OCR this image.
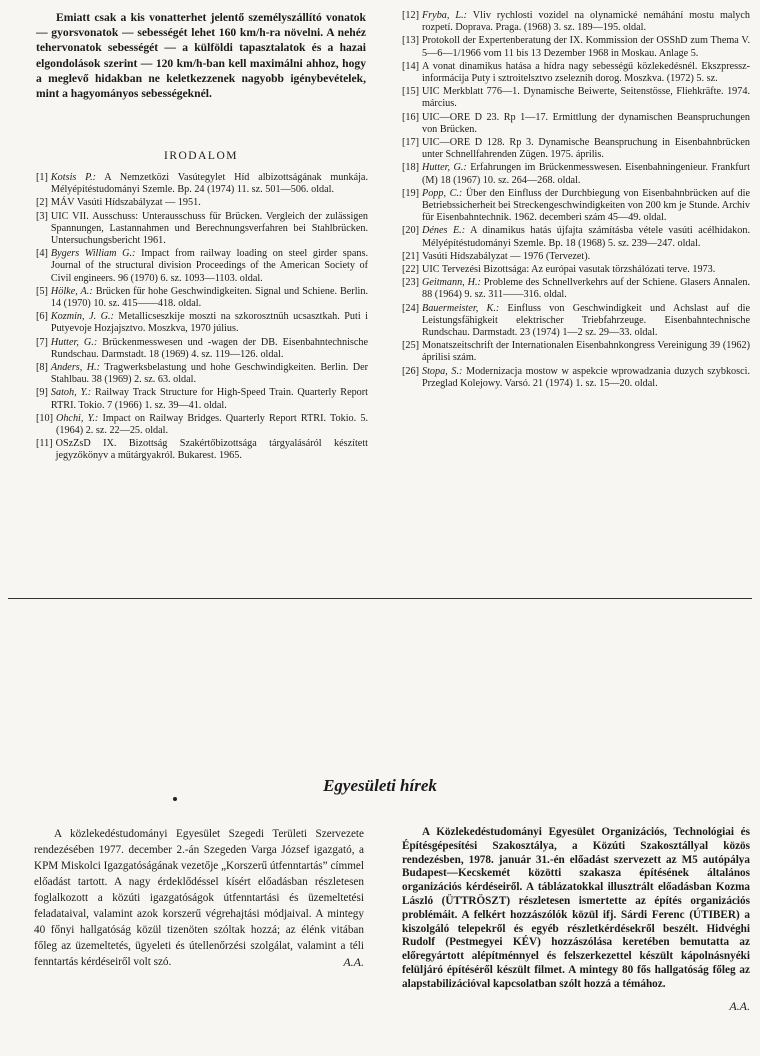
Emiatt csak a kis vonatterhet jelentő személyszállító vonatok — gyorsvonatok — sebességét lehet 160 km/h-ra növelni. A nehéz tehervonatok sebességét — a külföldi tapasztalatok és a hazai elgondolások szerint — 120 km/h-ban kell maximálni ahhoz, hogy a meglevő hidakban ne keletkezzenek nagyobb igénybevételek, mint a hagyományos sebességeknél.

IRODALOM
[1] Kotsis P.: A Nemzetközi Vasútegylet Híd albizottságának munkája. Mélyépítéstudományi Szemle. Bp. 24 (1974) 11. sz. 501—506. oldal.
[2] MÁV Vasúti Hídszabályzat — 1951.
[3] UIC VII. Ausschuss: Unterausschuss für Brücken. Vergleich der zulässigen Spannungen, Lastannahmen und Berechnungsverfahren bei Stahlbrücken. Untersuchungsbericht 1961.
[4] Bygers William G.: Impact from railway loading on steel girder spans. Journal of the structural division Proceedings of the American Society of Civil engineers. 96 (1970) 6. sz. 1093—1103. oldal.
[5] Hölke, A.: Brücken für hohe Geschwindigkeiten. Signal und Schiene. Berlin. 14 (1970) 10. sz. 415——418. oldal.
[6] Kozmin, J. G.: Metallicseszkije moszti na szkorosztnüh ucsasztkah. Puti i Putyevoje Hozjajsztvo. Moszkva, 1970 július.
[7] Hutter, G.: Brückenmesswesen und -wagen der DB. Eisenbahntechnische Rundschau. Darmstadt. 18 (1969) 4. sz. 119—126. oldal.
[8] Anders, H.: Tragwerksbelastung und hohe Geschwindigkeiten. Berlin. Der Stahlbau. 38 (1969) 2. sz. 63. oldal.
[9] Satoh, Y.: Railway Track Structure for High-Speed Train. Quarterly Report RTRI. Tokio. 7 (1966) 1. sz. 39—41. oldal.
[10] Ohchi, Y.: Impact on Railway Bridges. Quarterly Report RTRI. Tokio. 5. (1964) 2. sz. 22—25. oldal.
[11] OSzZsD IX. Bizottság Szakértőbizottsága tárgyalásáról készített jegyzőkönyv a műtárgyakról. Bukarest. 1965.
[12] Fryba, L.: Vliv rychlosti vozidel na olynamické nemáhání mostu malych rozpetí. Doprava. Praga. (1968) 3. sz. 189—195. oldal.
[13] Protokoll der Expertenberatung der IX. Kommission der OSShD zum Thema V. 5—6—1/1966 vom 11 bis 13 Dezember 1968 in Moskau. Anlage 5.
[14] A vonat dinamikus hatása a hídra nagy sebességű közlekedésnél. Ekszpressz-informácija Puty i sztroitelsztvo zseleznih dorog. Moszkva. (1972) 5. sz.
[15] UIC Merkblatt 776—1. Dynamische Beiwerte, Seitenstösse, Fliehkräfte. 1974. március.
[16] UIC—ORE D 23. Rp 1—17. Ermittlung der dynamischen Beanspruchungen von Brücken.
[17] UIC—ORE D 128. Rp 3. Dynamische Beanspruchung in Eisenbahnbrücken unter Schnellfahrenden Zügen. 1975. április.
[18] Hutter, G.: Erfahrungen im Brückenmesswesen. Eisenbahningenieur. Frankfurt (M) 18 (1967) 10. sz. 264—268. oldal.
[19] Popp, C.: Über den Einfluss der Durchbiegung von Eisenbahnbrücken auf die Betriebssicherheit bei Streckengeschwindigkeiten von 200 km je Stunde. Archiv für Eisenbahntechnik. 1962. decemberi szám 45—49. oldal.
[20] Dénes E.: A dinamikus hatás újfajta számításba vétele vasúti acélhidakon. Mélyépítéstudományi Szemle. Bp. 18 (1968) 5. sz. 239—247. oldal.
[21] Vasúti Hídszabályzat — 1976 (Tervezet).
[22] UIC Tervezési Bizottsága: Az európai vasutak törzshálózati terve. 1973.
[23] Geitmann, H.: Probleme des Schnellverkehrs auf der Schiene. Glasers Annalen. 88 (1964) 9. sz. 311——316. oldal.
[24] Bauermeister, K.: Einfluss von Geschwindigkeit und Achslast auf die Leistungsfähigkeit elektrischer Triebfahrzeuge. Eisenbahntechnische Rundschau. Darmstadt. 23 (1974) 1—2 sz. 29—33. oldal.
[25] Monatszeitschrift der Internationalen Eisenbahnkongress Vereinigung 39 (1962) áprilisi szám.
[26] Stopa, S.: Modernizacja mostow w aspekcie wprowadzania duzych szybkosci. Przeglad Kolejowy. Varsó. 21 (1974) 1. sz. 15—20. oldal.
Egyesületi hírek

A közlekedéstudományi Egyesület Szegedi Területi Szervezete rendezésében 1977. december 2.-án Szegeden Varga József igazgató, a KPM Miskolci Igazgatóságának vezetője „Korszerű útfenntartás” címmel előadást tartott. A nagy érdeklődéssel kísért előadásban részletesen foglalkozott a közúti igazgatóságok útfenntartási és üzemeltetési feladataival, valamint azok korszerű végrehajtási módjaival. A mintegy 40 főnyi hallgatóság közül tizenöten szóltak hozzá; az élénk vitában főleg az üzemeltetés, ügyeleti és útellenőrzési szolgálat, valamint a téli fenntartás kérdéseiről volt szó.	A.A.

A Közlekedéstudományi Egyesület Organizációs, Technológiai és Építésgépesítési Szakosztálya, a Közúti Szakosztállyal közös rendezésben, 1978. január 31.-én előadást szervezett az M5 autópálya Budapest—Kecskemét közötti szakasza építésének általános organizációs kérdéseiről. A táblázatokkal illusztrált előadásban Kozma László (ÜTTRÖSZT) részletesen ismertette az építés organizációs problémáit. A felkért hozzászólók közül ifj. Sárdi Ferenc (ÚTIBER) a kiszolgáló telepekről és egyéb részletkérdésekről beszélt. Hidvéghi Rudolf (Pestmegyei KÉV) hozzászólása keretében bemutatta az előregyártott alépítménnyel és felszerkezettel készült kápolnásnyéki felüljáró építéséről készült filmet. A mintegy 80 fős hallgatóság főleg az alapstabilizációval kapcsolatban szólt hozzá a témához.

A.A.
